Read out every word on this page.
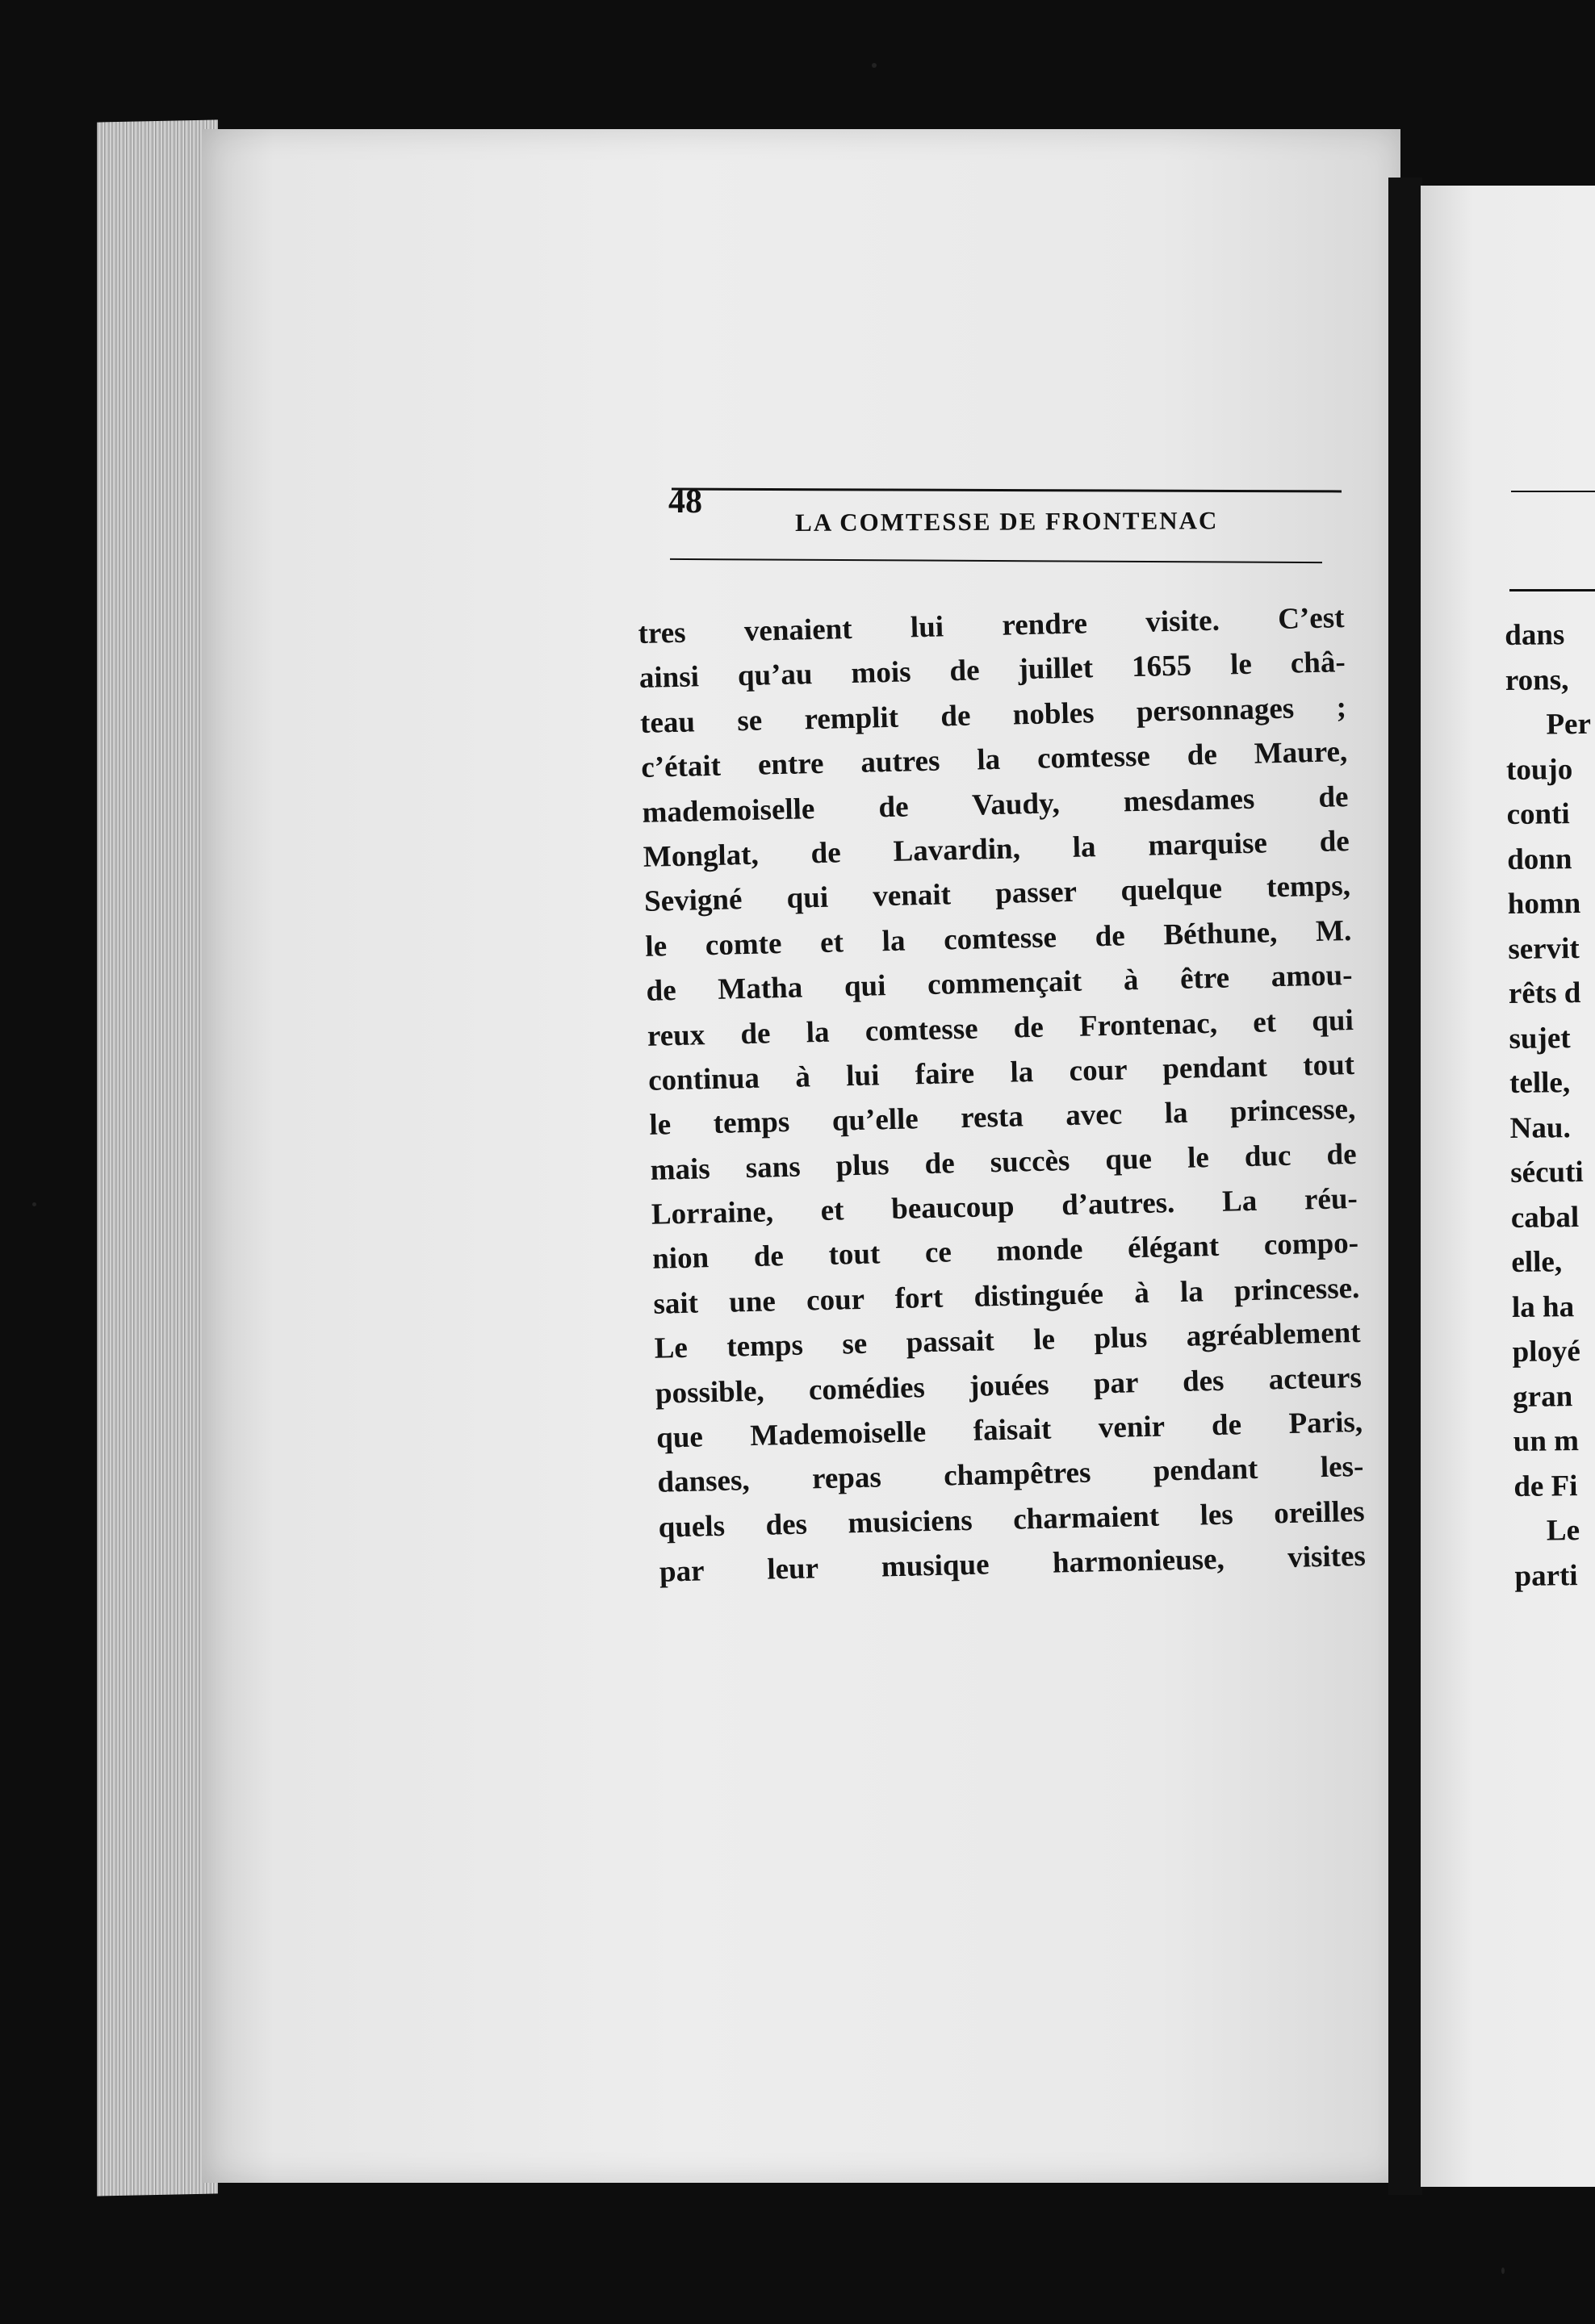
48
LA COMTESSE DE FRONTENAC
tres venaient lui rendre visite. C’est
ainsi qu’au mois de juillet 1655 le châ-
teau se remplit de nobles personnages ;
c’était entre autres la comtesse de Maure,
mademoiselle de Vaudy, mesdames de
Monglat, de Lavardin, la marquise de
Sevigné qui venait passer quelque temps,
le comte et la comtesse de Béthune, M.
de Matha qui commençait à être amou-
reux de la comtesse de Frontenac, et qui
continua à lui faire la cour pendant tout
le temps qu’elle resta avec la princesse,
mais sans plus de succès que le duc de
Lorraine, et beaucoup d’autres. La réu-
nion de tout ce monde élégant compo-
sait une cour fort distinguée à la princesse.
Le temps se passait le plus agréablement
possible, comédies jouées par des acteurs
que Mademoiselle faisait venir de Paris,
danses, repas champêtres pendant les-
quels des musiciens charmaient les oreilles
par leur musique harmonieuse, visites
dans
rons,
Per
toujo
conti
donn
homn
servit
rêts d
sujet
telle,
Nau.
sécuti
cabal
elle,
la ha
ployé
gran
un m
de Fi
Le
parti
